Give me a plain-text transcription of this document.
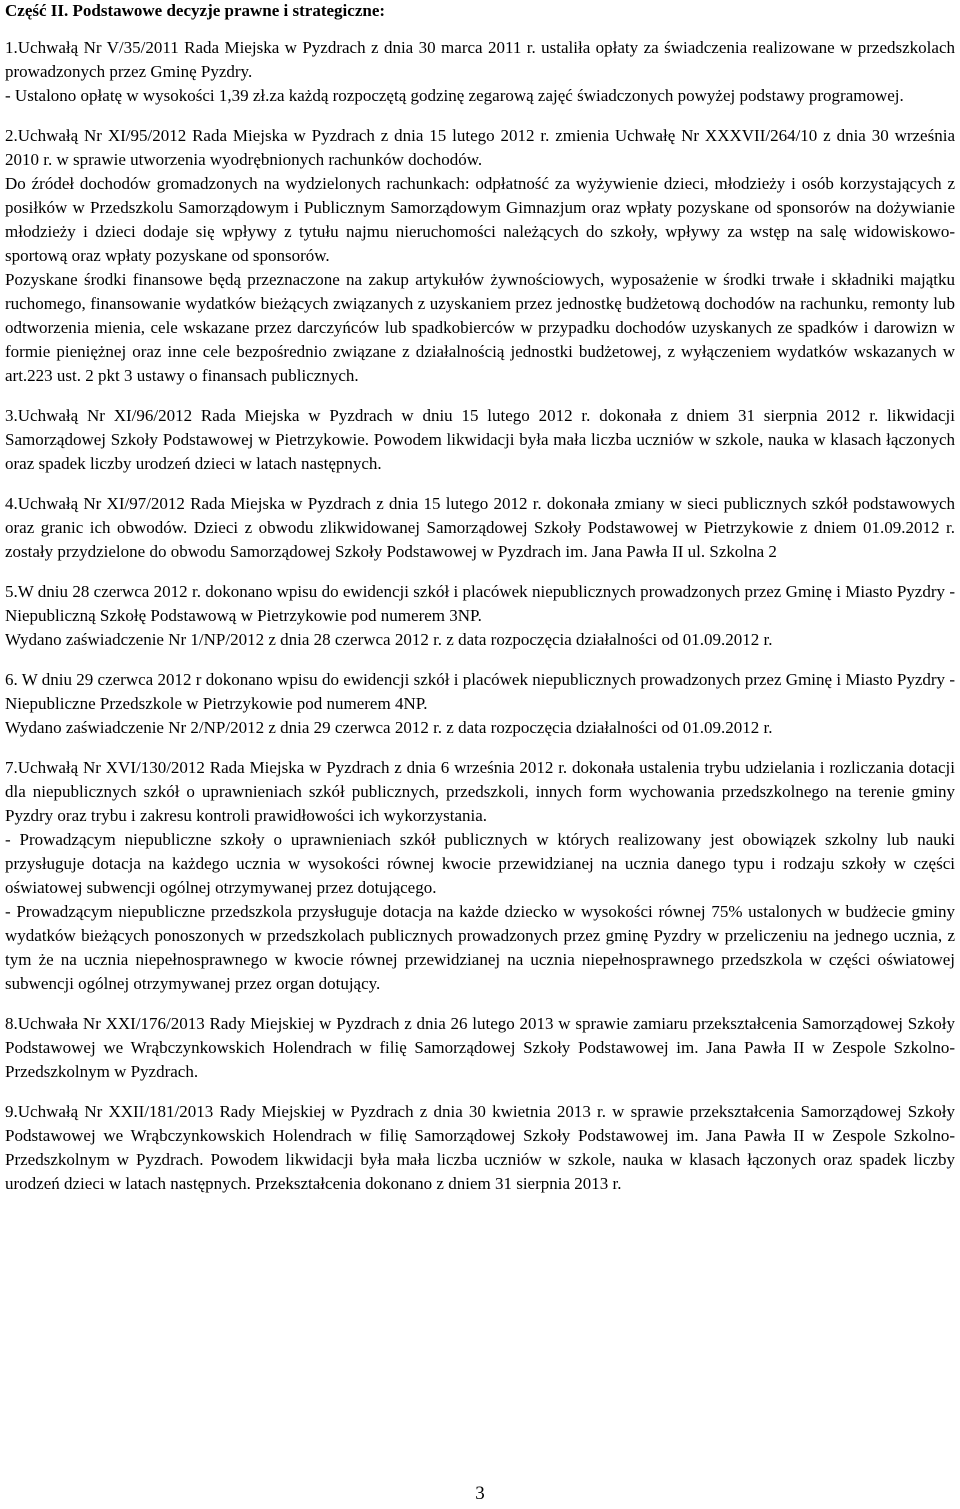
Część II. Podstawowe decyzje prawne i strategiczne:

1.Uchwałą Nr V/35/2011 Rada Miejska w Pyzdrach z dnia 30 marca 2011 r. ustaliła opłaty za świadczenia realizowane w przedszkolach prowadzonych przez Gminę Pyzdry.

- Ustalono opłatę w wysokości 1,39 zł.za każdą rozpoczętą godzinę zegarową zajęć świadczonych powyżej podstawy programowej.

2.Uchwałą Nr XI/95/2012 Rada Miejska w Pyzdrach z dnia 15 lutego 2012 r. zmienia Uchwałę Nr XXXVII/264/10 z dnia 30 września 2010 r. w sprawie utworzenia wyodrębnionych rachunków dochodów.

Do źródeł dochodów gromadzonych na wydzielonych rachunkach: odpłatność za wyżywienie dzieci, młodzieży i osób korzystających z posiłków w Przedszkolu Samorządowym i Publicznym Samorządowym Gimnazjum oraz wpłaty pozyskane od sponsorów na dożywianie młodzieży i dzieci dodaje się wpływy z tytułu najmu nieruchomości należących do szkoły, wpływy za wstęp na salę widowiskowo-sportową oraz wpłaty pozyskane od sponsorów.

Pozyskane środki finansowe będą przeznaczone na zakup artykułów żywnościowych, wyposażenie w środki trwałe i składniki majątku ruchomego, finansowanie wydatków bieżących związanych z uzyskaniem przez jednostkę budżetową dochodów na rachunku, remonty lub odtworzenia mienia, cele wskazane przez darczyńców lub spadkobierców w przypadku dochodów uzyskanych ze spadków i darowizn w formie pieniężnej oraz inne cele bezpośrednio związane z działalnością jednostki budżetowej, z wyłączeniem wydatków wskazanych w art.223 ust. 2 pkt 3 ustawy o finansach publicznych.

3.Uchwałą Nr XI/96/2012 Rada Miejska w Pyzdrach w dniu 15 lutego 2012 r. dokonała z dniem 31 sierpnia 2012 r. likwidacji Samorządowej Szkoły Podstawowej w Pietrzykowie. Powodem likwidacji była mała liczba uczniów w szkole, nauka w klasach łączonych oraz spadek liczby urodzeń dzieci w latach następnych.

4.Uchwałą Nr XI/97/2012 Rada Miejska w Pyzdrach z dnia 15 lutego 2012 r. dokonała zmiany w sieci publicznych szkół podstawowych oraz granic ich obwodów. Dzieci z obwodu zlikwidowanej Samorządowej Szkoły Podstawowej w Pietrzykowie z dniem 01.09.2012 r. zostały przydzielone do obwodu Samorządowej Szkoły Podstawowej w Pyzdrach im. Jana Pawła II ul. Szkolna 2

5.W dniu 28 czerwca 2012 r. dokonano wpisu do ewidencji szkół i placówek niepublicznych prowadzonych przez Gminę i Miasto Pyzdry - Niepubliczną Szkołę Podstawową w Pietrzykowie pod numerem 3NP.

Wydano zaświadczenie Nr 1/NP/2012 z dnia 28 czerwca 2012 r. z data rozpoczęcia działalności od 01.09.2012 r.

6. W dniu 29 czerwca 2012 r dokonano wpisu do ewidencji szkół i placówek niepublicznych prowadzonych przez Gminę i Miasto Pyzdry - Niepubliczne Przedszkole w Pietrzykowie pod numerem 4NP.

Wydano zaświadczenie Nr 2/NP/2012 z dnia 29 czerwca 2012 r. z data rozpoczęcia działalności od 01.09.2012 r.

7.Uchwałą Nr XVI/130/2012 Rada Miejska w Pyzdrach z dnia 6 września 2012 r. dokonała ustalenia trybu udzielania i rozliczania dotacji dla niepublicznych szkół o uprawnieniach szkół publicznych, przedszkoli, innych form wychowania przedszkolnego na terenie gminy Pyzdry oraz trybu i zakresu kontroli prawidłowości ich wykorzystania.

- Prowadzącym niepubliczne szkoły o uprawnieniach szkół publicznych w których realizowany jest obowiązek szkolny lub nauki przysługuje dotacja na każdego ucznia w wysokości równej kwocie przewidzianej na ucznia danego typu i rodzaju szkoły w części oświatowej subwencji ogólnej otrzymywanej przez dotującego.

- Prowadzącym niepubliczne przedszkola przysługuje dotacja na każde dziecko w wysokości równej 75% ustalonych w budżecie gminy wydatków bieżących ponoszonych w przedszkolach publicznych prowadzonych przez gminę Pyzdry w przeliczeniu na jednego ucznia, z tym że na ucznia niepełnosprawnego w kwocie równej przewidzianej na ucznia niepełnosprawnego przedszkola w części oświatowej subwencji ogólnej otrzymywanej przez organ dotujący.

8.Uchwała Nr XXI/176/2013 Rady Miejskiej w Pyzdrach z dnia 26 lutego 2013 w sprawie zamiaru przekształcenia Samorządowej Szkoły Podstawowej we Wrąbczynkowskich Holendrach w filię Samorządowej Szkoły Podstawowej im. Jana Pawła II w Zespole Szkolno-Przedszkolnym w Pyzdrach.

9.Uchwałą Nr XXII/181/2013 Rady Miejskiej w Pyzdrach z dnia 30 kwietnia 2013 r. w sprawie przekształcenia Samorządowej Szkoły Podstawowej we Wrąbczynkowskich Holendrach w filię Samorządowej Szkoły Podstawowej im. Jana Pawła II w Zespole Szkolno-Przedszkolnym w Pyzdrach. Powodem likwidacji była mała liczba uczniów w szkole, nauka w klasach łączonych oraz spadek liczby urodzeń dzieci w latach następnych. Przekształcenia dokonano z dniem 31 sierpnia 2013 r.

3
